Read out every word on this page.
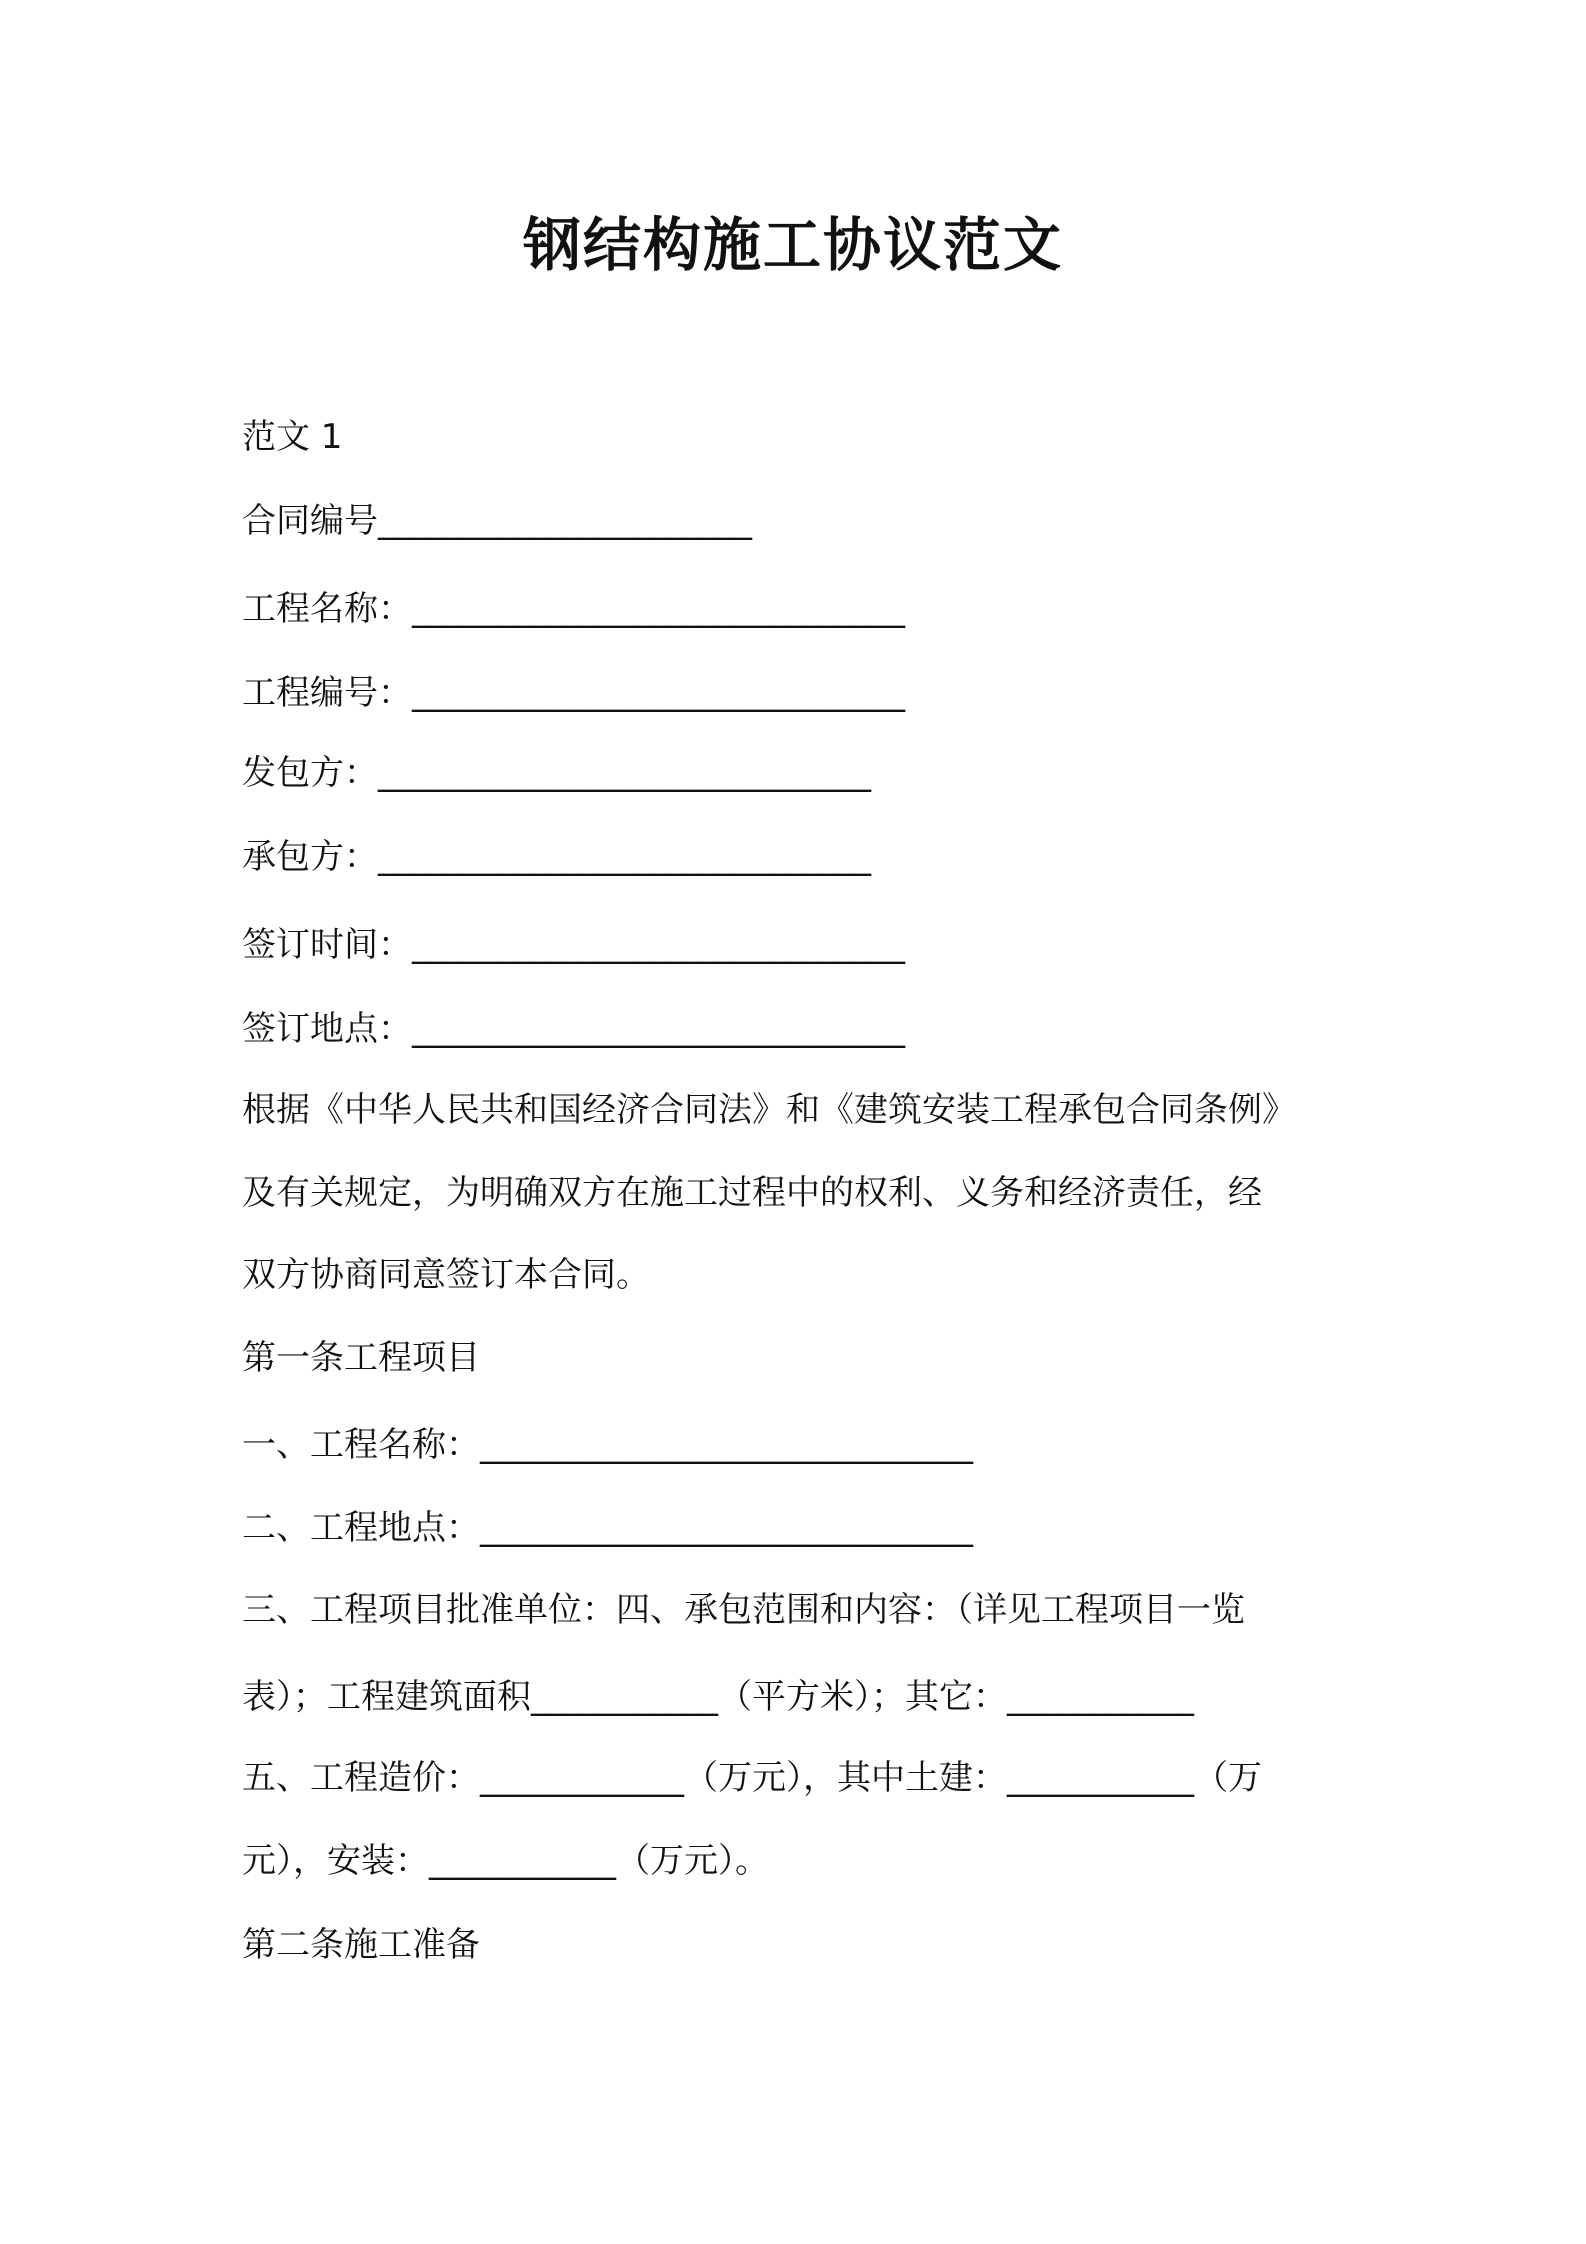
钢结构施工协议范文
范文 1
合同编号______________________
工程名称：_____________________________
工程编号：_____________________________
发包方：_____________________________
承包方：_____________________________
签订时间：_____________________________
签订地点：_____________________________
根据《中华人民共和国经济合同法》和《建筑安装工程承包合同条例》
及有关规定，为明确双方在施工过程中的权利、义务和经济责任，经
双方协商同意签订本合同。
第一条工程项目
一、工程名称：_____________________________
二、工程地点：_____________________________
三、工程项目批准单位：四、承包范围和内容：（详见工程项目一览
表）；工程建筑面积___________（平方米）；其它：___________
五、工程造价：____________（万元），其中土建：___________（万
元），安装：___________（万元）。
第二条施工准备
